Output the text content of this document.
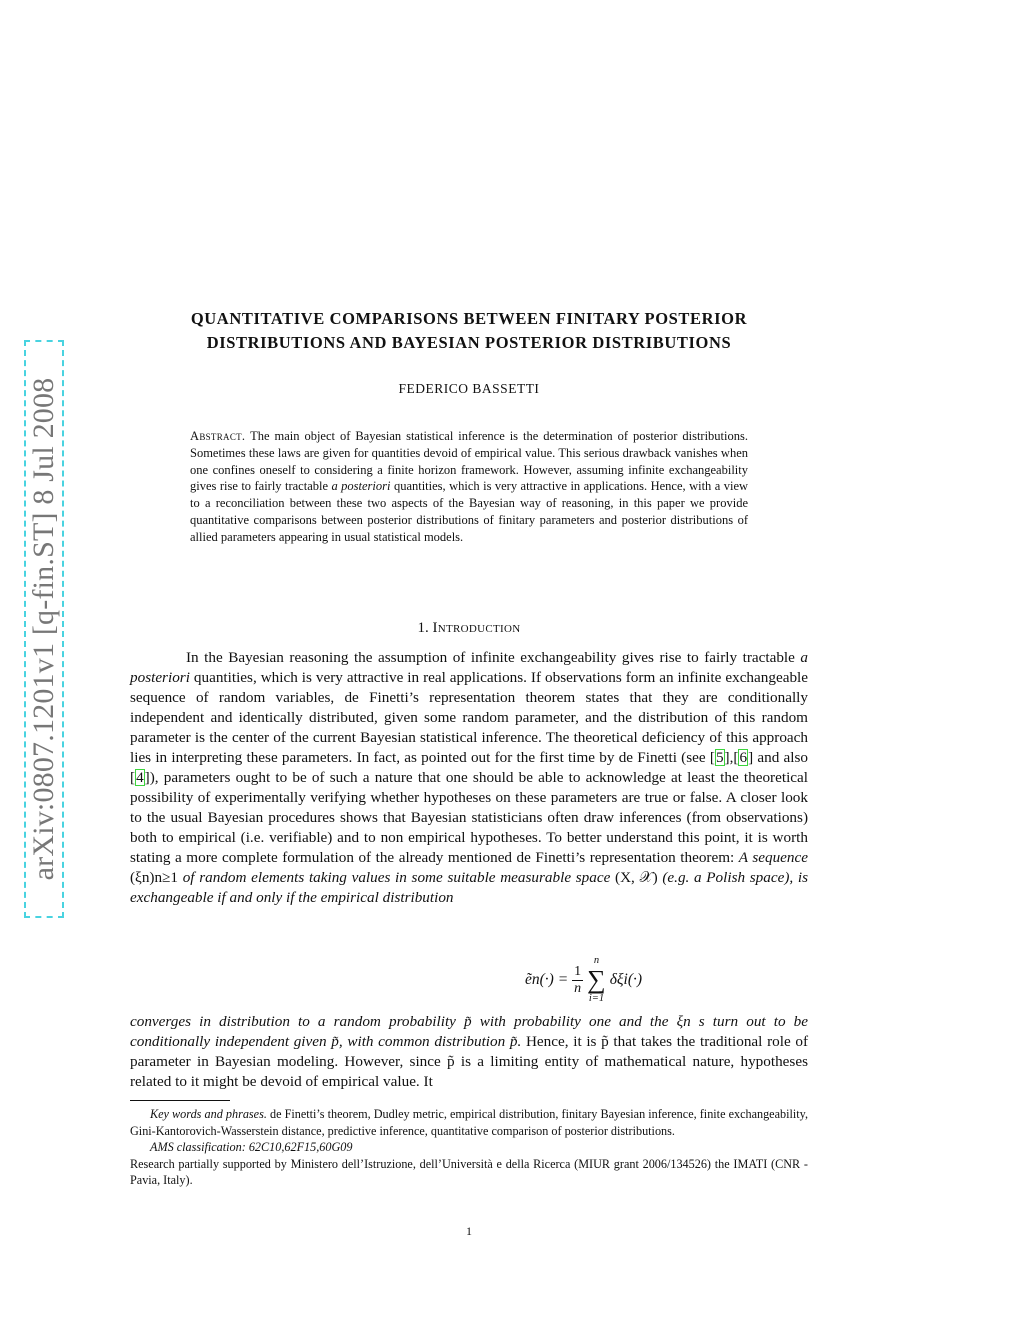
arXiv:0807.1201v1 [q-fin.ST] 8 Jul 2008
QUANTITATIVE COMPARISONS BETWEEN FINITARY POSTERIOR
DISTRIBUTIONS AND BAYESIAN POSTERIOR DISTRIBUTIONS
FEDERICO BASSETTI
Abstract. The main object of Bayesian statistical inference is the determination of posterior distributions. Sometimes these laws are given for quantities devoid of empirical value. This serious drawback vanishes when one confines oneself to considering a finite horizon framework. However, assuming infinite exchangeability gives rise to fairly tractable a posteriori quantities, which is very attractive in applications. Hence, with a view to a reconciliation between these two aspects of the Bayesian way of reasoning, in this paper we provide quantitative comparisons between posterior distributions of finitary parameters and posterior distributions of allied parameters appearing in usual statistical models.
1. Introduction

In the Bayesian reasoning the assumption of infinite exchangeability gives rise to fairly tractable a posteriori quantities, which is very attractive in real applications. If observations form an infinite exchangeable sequence of random variables, de Finetti’s representation theorem states that they are conditionally independent and identically distributed, given some random parameter, and the distribution of this random parameter is the center of the current Bayesian statistical inference. The theoretical deficiency of this approach lies in interpreting these parameters. In fact, as pointed out for the first time by de Finetti (see [5],[6] and also [4]), parameters ought to be of such a nature that one should be able to acknowledge at least the theoretical possibility of experimentally verifying whether hypotheses on these parameters are true or false. A closer look to the usual Bayesian procedures shows that Bayesian statisticians often draw inferences (from observations) both to empirical (i.e. verifiable) and to non empirical hypotheses. To better understand this point, it is worth stating a more complete formulation of the already mentioned de Finetti’s representation theorem: A sequence (ξn)n≥1 of random elements taking values in some suitable measurable space (X, 𝒳) (e.g. a Polish space), is exchangeable if and only if the empirical distribution

ẽn(·) = $\frac{1}{n}$
n
∑
i=1
δξi(·)
converges in distribution to a random probability p̃ with probability one and the ξn s turn out to be conditionally independent given p̃, with common distribution p̃. Hence, it is p̃ that takes the traditional role of parameter in Bayesian modeling. However, since p̃ is a limiting entity of mathematical nature, hypotheses related to it might be devoid of empirical value. It

Key words and phrases. de Finetti’s theorem, Dudley metric, empirical distribution, finitary Bayesian inference, finite exchangeability, Gini-Kantorovich-Wasserstein distance, predictive inference, quantitative comparison of posterior distributions.

AMS classification: 62C10,62F15,60G09

Research partially supported by Ministero dell’Istruzione, dell’Università e della Ricerca (MIUR grant 2006/134526) the IMATI (CNR - Pavia, Italy).

1
